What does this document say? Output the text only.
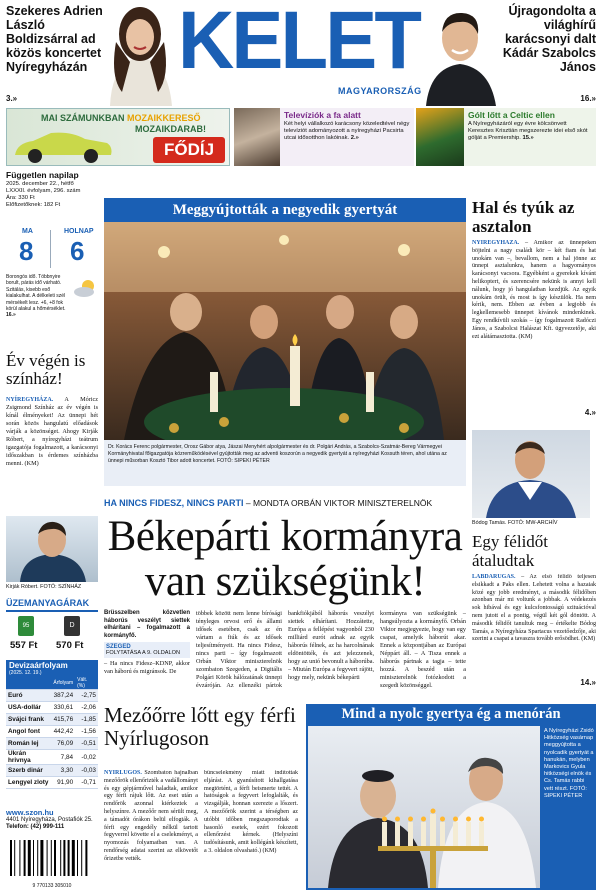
Szekeres Adrien László Boldizsárral ad közös koncertet Nyíregyházán
3.»
KELET
MAGYARORSZÁG
Újragondolta a világhírű karácsonyi dalt Kádár Szabolcs János
16.»
MAI SZÁMUNKBAN MOZAIKKERESŐ
MOZAIKDARAB!
FŐDÍJ
Televíziók a fa alatt
Két helyi vállalkozó karácsony közeledtével négy televíziót adományozott a nyíregyházi Pacsirta utcai idősotthon lakóinak. 2.»
Gólt lőtt a Celtic ellen
A Nyíregyházáról egy évre kölcsönvett Keresztes Krisztián megszerezte idei első skót gólját a Premiership. 15.»
Független napilap
2025. december 22., hétfő
LXXXII. évfolyam, 296. szám
Ára: 330 Ft
Előfizetőknek: 182 Ft
MA
8
HOLNAP
6
Borongós idő. Többnyire borult, párás idő várható. Szitálás, kisebb eső kialakulhat. A délkeleti szél mérsékelt lesz. +6, +8 fok körül alakul a hőmérséklet. 16.»
Év végén is színház!
NYÍREGYHÁZA. A Móricz Zsigmond Színház az év végén is kínál élményeket! Az ünnepi hét során közös hangulatú előadások várják a közönséget. Ahogy Kirják Róbert, a nyíregyházi teátrum igazgatója fogalmazott, a karácsonyi időszakban is érdemes színházba menni. (KM)
Kirják Róbert. FOTÓ: SZÍNHÁZ
ÜZEMANYAGÁRAK
95	D
557 Ft 570 Ft
Devizaárfolyam
(2025. 12. 19.)
	Árfolyam	Vált. (%)
Euró	387,24	-2,75
USA-dollár	330,61	-2,06
Svájci frank	415,76	-1,85
Angol font	442,42	-1,56
Román lej	76,09	-0,51
Ukrán hrivnya	7,84	-0,02
Szerb dinár	3,30	-0,03
Lengyel zloty	91,90	-0,71
www.szon.hu
4401 Nyíregyháza, Postafiók 25.
Telefon: (42) 999-111
9 770133 305010
Meggyújtották a negyedik gyertyát
Dr. Korács Ferenc polgármester, Orosz Gábor atya, Jászai Menyhért alpolgármester és dr. Polgári András, a Szabolcs-Szatmár-Bereg Vármegyei Kormányhivatal főigazgatója közreműködésével gyújtották meg az adventi koszorún a negyedik gyertyát a nyíregyházi Kossuth téren, ahol utána az ünnepi műsorban Kosztó Tibor adott koncertet. FOTÓ: SIPEKI PÉTER
HA NINCS FIDESZ, NINCS PARTI – MONDTA ORBÁN VIKTOR MINISZTERELNÖK
Békepárti kormányra van szükségünk!
Brüsszelben közvetlen háborús veszélyt siettek elhárítani – fogalmazott a kormányfő.
SZEGED
FOLYTATÁSA A 9. OLDALON
– Ha nincs Fidesz–KDNP, akkor van háború és migránsok. De
többek között nem lenne bírósági tényleges orvosi erő és állami idősek esetében, csak az én vártam a fiúk és az idősek teljesítményeit. Ha nincs Fidesz, nincs parti – így fogalmazott Orbán Viktor miniszterelnök szombaton Szegeden, a Digitális Polgári Körök hálózatának ünnepi évzáróján. Az ellenzéki pártok
bankfiókjából háborús veszélyt siettek elhárítani. Hozzátette, Európa a fellépést vagyonból 230 milliárd eurót adnak az egyik háborús félnek, az ha harcolnának eldöntötték, és azt jelezzenek, hogy az unió bevonult a háborúba. – Miután Európa a fegyvert rájött, hogy mely, nekünk békepárti
kormányra van szükségünk – hangsúlyozta a kormányfő. Orbán Viktor megjegyezte, hogy van egy csapat, amelyik háborút akar. Ennek a központjában az Európai Néppárt áll. – A Tisza ennek a háborús pártnak a tagja – tette hozzá. A beszéd után a miniszterelnök fotózkodott a szegedi közönséggel.
Hal és tyúk az asztalon
NYÍREGYHÁZA. – Amikor az ünnepeken böjtelni a nagy családi kör – két fiam és hat unokám van –, bevallom, nem a hal jönne az ünnepi asztalunkra, hanem a hagyományos karácsonyi vacsora. Egyébként a gyerekek kívánt helikoptert, és szerencsére nekünk is annyi kell nálunk, hogy jó hangulatban kezdjük. Az egyik unokám örült, és most is így készülök. Ha nem kérik, nem. Ebben az évben a legjobb és legkellemesebb ünnepet kívánok mindenkinek. Egy rendkívüli szokás – így fogalmazott Radóczi János, a Szabolcsi Halászat Kft. ügyvezetője, aki ezt alátámasztotta. (KM)
4.»
Bódog Tamás. FOTÓ: MW-ARCHÍV
Egy félidőt átaludtak
LABDARÚGÁS. – Az első félidő teljesen elsikkadt a Paks ellen. Lehetett volna a hazaiak közé egy jobb eredményt, a második félidőben azonban már mi voltunk a jobbak. A védekezés sok hibával és egy kulcsfontosságú szituációval nem jutott el a pontig, végül két gól döntött. A második félidőt tanultuk meg – értékelte Bódog Tamás, a Nyíregyháza Spartacus vezetőedzője, aki szerint a csapat a tavaszra tovább erősödhet. (KM)
14.»
Mezőőrre lőtt egy férfi Nyírlugoson
NYÍRLUGOS. Szombaton hajnalban mezőőrök ellenőrizték a vadállományt és egy gépjárművel haladtak, amikor egy férfi rájuk lőtt. Az eset után a rendőrök azonnal kiérkeztek a helyszínre. A mezőőr nem sérült meg, a támadót órákon belül elfogták. A férfi egy engedély nélkül tartott fegyverrel követte el a cselekményt, a nyomozás folyamatban van. A rendőrség adatai szerint az elkövetőt őrizetbe vették.
bűncselekmény miatt indítottak eljárást. A gyanúsított kihallgatása megtörtént, a férfi beismerte tettét. A hatóságok a fegyvert lefoglalták, és vizsgálják, honnan szerezte a lőszert. A mezőőrök szerint a térségben az utóbbi időben megszaporodtak a hasonló esetek, ezért fokozott ellenőrzést kérnek. (Helyszíni tudósításunk, amit kollégánk készített, a 3. oldalon olvasható.) (KM)
Mind a nyolc gyertya ég a menórán
A Nyíregyházi Zsidó Hitközség vasárnap meggyújtotta a nyolcadik gyertyát a hanukán, melyben Markovics Gyula hitközségi elnök és Cs. Tamás rabbi vett részt. FOTÓ: SIPEKI PÉTER
